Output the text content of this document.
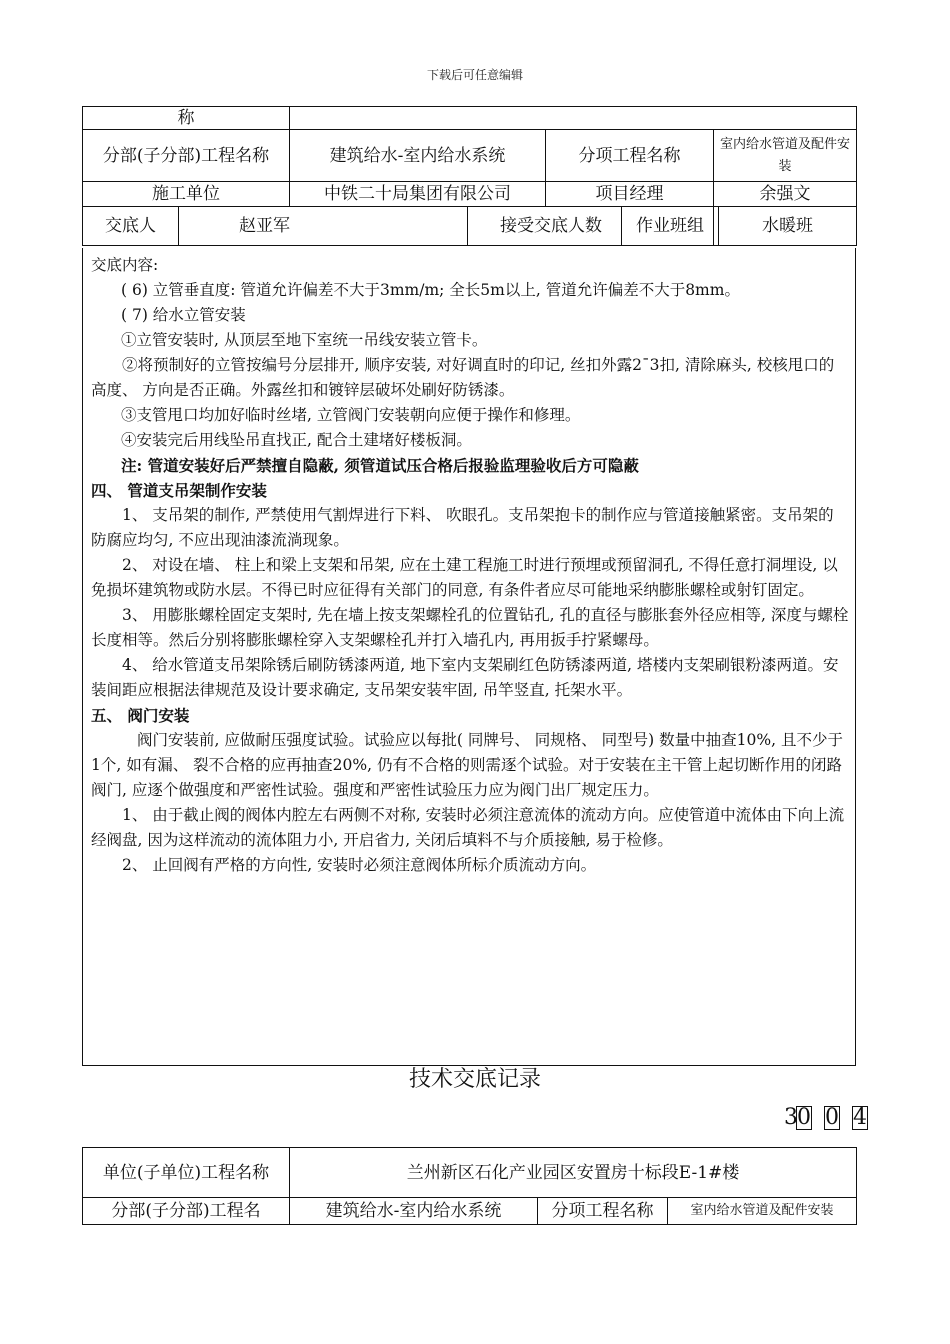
下载后可任意编辑
称						
分部(子分部)工程名称		建筑给水-室内给水系统		分项工程名称		室内给水管道及配件安装
施工单位		中铁二十局集团有限公司		项目经理		余强文
交底人	赵亚军		接受交底人数			作业班组 水暖班

交底内容:

( 6) 立管垂直度: 管道允许偏差不大于3mm/m; 全长5m以上, 管道允许偏差不大于8mm。

( 7) 给水立管安装

①立管安装时, 从顶层至地下室统一吊线安装立管卡。

②将预制好的立管按编号分层排开, 顺序安装, 对好调直时的印记, 丝扣外露2ˉ3扣, 清除麻头, 校核甩口的高度、 方向是否正确。外露丝扣和镀锌层破坏处刷好防锈漆。

③支管甩口均加好临时丝堵, 立管阀门安装朝向应便于操作和修理。

④安装完后用线坠吊直找正, 配合土建堵好楼板洞。

注: 管道安装好后严禁擅自隐蔽, 须管道试压合格后报验监理验收后方可隐蔽

四、 管道支吊架制作安装

1、 支吊架的制作, 严禁使用气割焊进行下料、 吹眼孔。支吊架抱卡的制作应与管道接触紧密。支吊架的防腐应均匀, 不应出现油漆流淌现象。

2、 对设在墙、 柱上和梁上支架和吊架, 应在土建工程施工时进行预埋或预留洞孔, 不得任意打洞埋设, 以免损坏建筑物或防水层。不得已时应征得有关部门的同意, 有条件者应尽可能地采纳膨胀螺栓或射钉固定。

3、 用膨胀螺栓固定支架时, 先在墙上按支架螺栓孔的位置钻孔, 孔的直径与膨胀套外径应相等, 深度与螺栓长度相等。然后分别将膨胀螺栓穿入支架螺栓孔并打入墙孔内, 再用扳手拧紧螺母。

4、 给水管道支吊架除锈后刷防锈漆两道, 地下室内支架刷红色防锈漆两道, 塔楼内支架刷银粉漆两道。安装间距应根据法律规范及设计要求确定, 支吊架安装牢固, 吊竿竖直, 托架水平。

五、 阀门安装

阀门安装前, 应做耐压强度试验。试验应以每批( 同牌号、 同规格、 同型号) 数量中抽查10%, 且不少于1个, 如有漏、 裂不合格的应再抽查20%, 仍有不合格的则需逐个试验。对于安装在主干管上起切断作用的闭路阀门, 应逐个做强度和严密性试验。强度和严密性试验压力应为阀门出厂规定压力。

1、 由于截止阀的阀体内腔左右两侧不对称, 安装时必须注意流体的流动方向。应使管道中流体由下向上流经阀盘, 因为这样流动的流体阻力小, 开启省力, 关闭后填料不与介质接触, 易于检修。

2、 止回阀有严格的方向性, 安装时必须注意阀体所标介质流动方向。

技术交底记录
3 0 0 4
单位(子单位)工程名称	兰州新区石化产业园区安置房十标段E-1#楼		
分部(子分部)工程名	建筑给水-室内给水系统	分项工程名称	室内给水管道及配件安装
